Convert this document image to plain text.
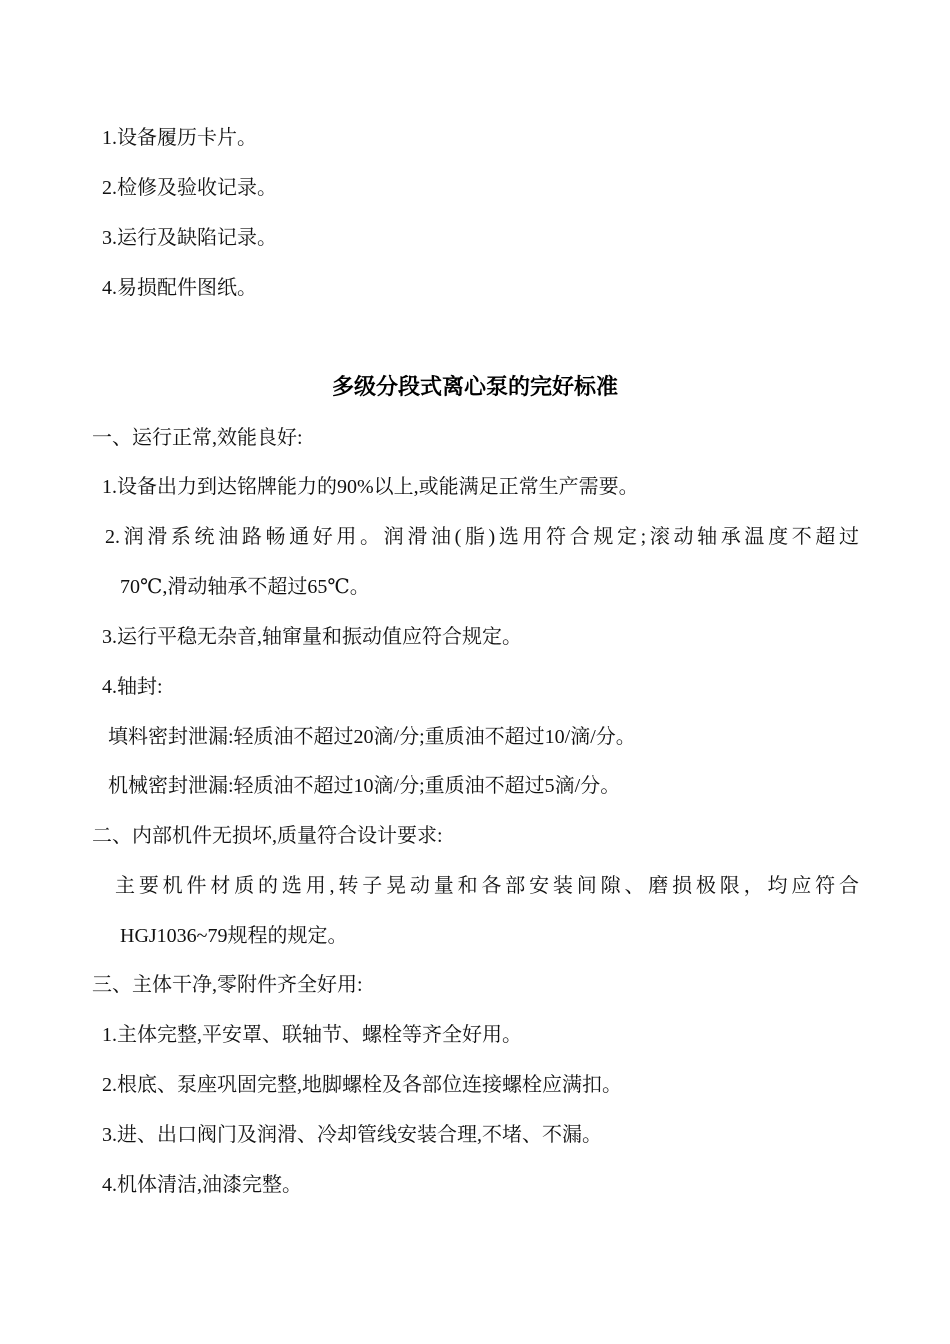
1.设备履历卡片。
2.检修及验收记录。
3.运行及缺陷记录。
4.易损配件图纸。
多级分段式离心泵的完好标准
一、运行正常,效能良好:
1.设备出力到达铭牌能力的90%以上,或能满足正常生产需要。
2.润滑系统油路畅通好用。润滑油(脂)选用符合规定;滚动轴承温度不超过
70℃,滑动轴承不超过65℃。
3.运行平稳无杂音,轴窜量和振动值应符合规定。
4.轴封:
填料密封泄漏:轻质油不超过20滴/分;重质油不超过10/滴/分。
机械密封泄漏:轻质油不超过10滴/分;重质油不超过5滴/分。
二、内部机件无损坏,质量符合设计要求:
主要机件材质的选用,转子晃动量和各部安装间隙、磨损极限，均应符合
HGJ1036~79规程的规定。
三、主体干净,零附件齐全好用:
1.主体完整,平安罩、联轴节、螺栓等齐全好用。
2.根底、泵座巩固完整,地脚螺栓及各部位连接螺栓应满扣。
3.进、出口阀门及润滑、冷却管线安装合理,不堵、不漏。
4.机体清洁,油漆完整。
